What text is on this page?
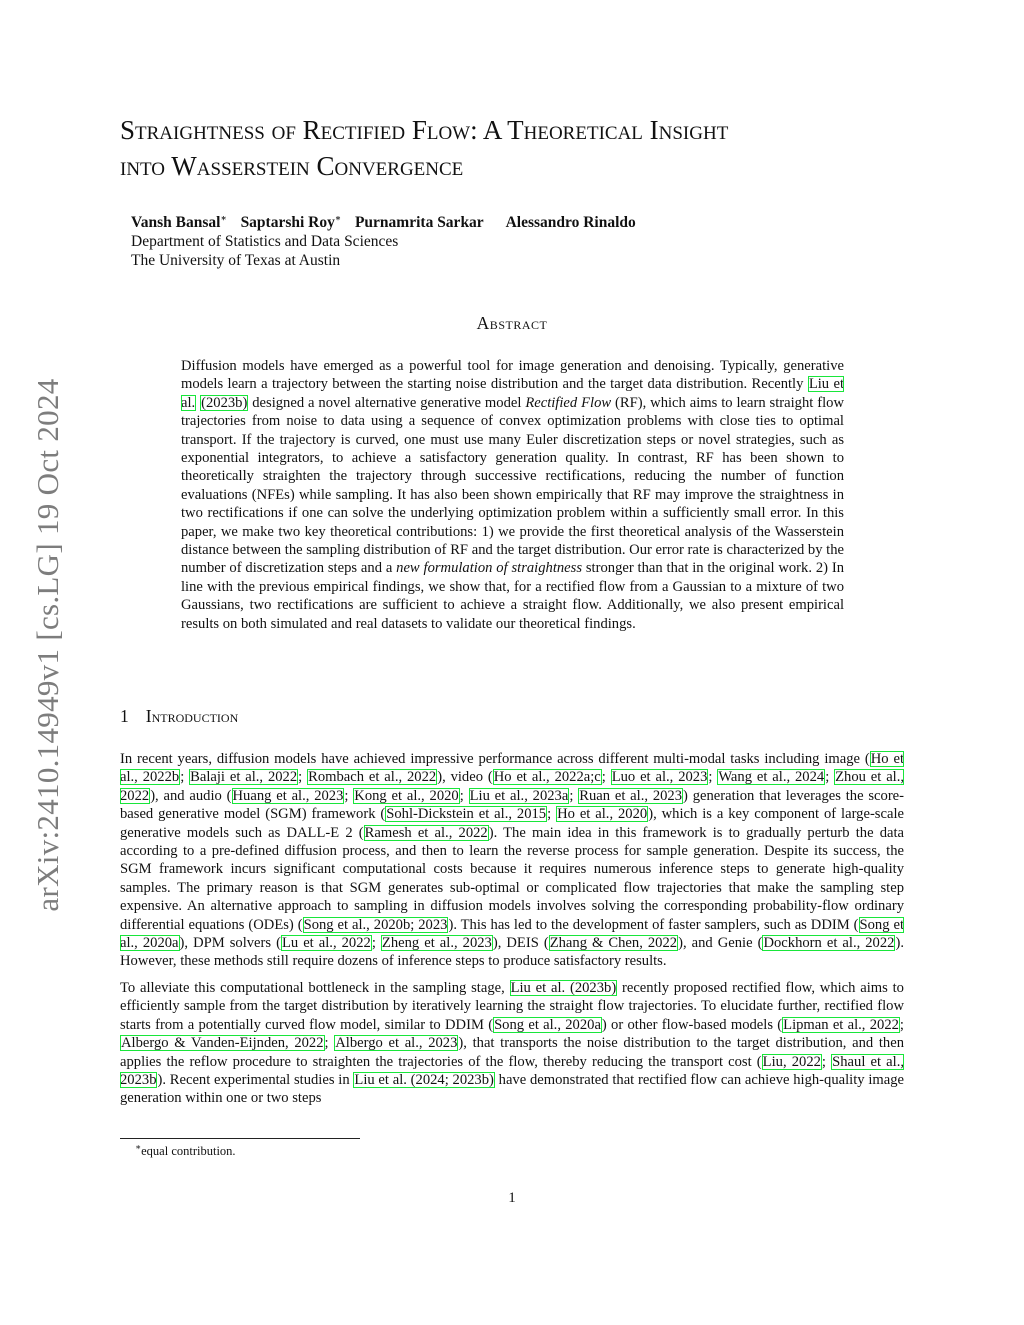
arXiv:2410.14949v1 [cs.LG] 19 Oct 2024
Straightness of Rectified Flow: A Theoretical Insight
into Wasserstein Convergence
Vansh Bansal∗ Saptarshi Roy∗ Purnamrita Sarkar Alessandro Rinaldo
Department of Statistics and Data Sciences
The University of Texas at Austin
Abstract
Diffusion models have emerged as a powerful tool for image generation and denoising. Typically, generative models learn a trajectory between the starting noise distribution and the target data distribution. Recently Liu et al. (2023b) designed a novel alternative generative model Rectified Flow (RF), which aims to learn straight flow trajectories from noise to data using a sequence of convex optimization problems with close ties to optimal transport. If the trajectory is curved, one must use many Euler discretization steps or novel strategies, such as exponential integrators, to achieve a satisfactory generation quality. In contrast, RF has been shown to theoretically straighten the trajectory through successive rectifications, reducing the number of function evaluations (NFEs) while sampling. It has also been shown empirically that RF may improve the straightness in two rectifications if one can solve the underlying optimization problem within a sufficiently small error. In this paper, we make two key theoretical contributions: 1) we provide the first theoretical analysis of the Wasserstein distance between the sampling distribution of RF and the target distribution. Our error rate is characterized by the number of discretization steps and a new formulation of straightness stronger than that in the original work. 2) In line with the previous empirical findings, we show that, for a rectified flow from a Gaussian to a mixture of two Gaussians, two rectifications are sufficient to achieve a straight flow. Additionally, we also present empirical results on both simulated and real datasets to validate our theoretical findings.
1 Introduction

In recent years, diffusion models have achieved impressive performance across different multi-modal tasks including image (Ho et al., 2022b; Balaji et al., 2022; Rombach et al., 2022), video (Ho et al., 2022a;c; Luo et al., 2023; Wang et al., 2024; Zhou et al., 2022), and audio (Huang et al., 2023; Kong et al., 2020; Liu et al., 2023a; Ruan et al., 2023) generation that leverages the score-based generative model (SGM) framework (Sohl-Dickstein et al., 2015; Ho et al., 2020), which is a key component of large-scale generative models such as DALL-E 2 (Ramesh et al., 2022). The main idea in this framework is to gradually perturb the data according to a pre-defined diffusion process, and then to learn the reverse process for sample generation. Despite its success, the SGM framework incurs significant computational costs because it requires numerous inference steps to generate high-quality samples. The primary reason is that SGM generates sub-optimal or complicated flow trajectories that make the sampling step expensive. An alternative approach to sampling in diffusion models involves solving the corresponding probability-flow ordinary differential equations (ODEs) (Song et al., 2020b; 2023). This has led to the development of faster samplers, such as DDIM (Song et al., 2020a), DPM solvers (Lu et al., 2022; Zheng et al., 2023), DEIS (Zhang & Chen, 2022), and Genie (Dockhorn et al., 2022). However, these methods still require dozens of inference steps to produce satisfactory results.

To alleviate this computational bottleneck in the sampling stage, Liu et al. (2023b) recently proposed rectified flow, which aims to efficiently sample from the target distribution by iteratively learning the straight flow trajectories. To elucidate further, rectified flow starts from a potentially curved flow model, similar to DDIM (Song et al., 2020a) or other flow-based models (Lipman et al., 2022; Albergo & Vanden-Eijnden, 2022; Albergo et al., 2023), that transports the noise distribution to the target distribution, and then applies the reflow procedure to straighten the trajectories of the flow, thereby reducing the transport cost (Liu, 2022; Shaul et al., 2023b). Recent experimental studies in Liu et al. (2024; 2023b) have demonstrated that rectified flow can achieve high-quality image generation within one or two steps

∗equal contribution.
1
